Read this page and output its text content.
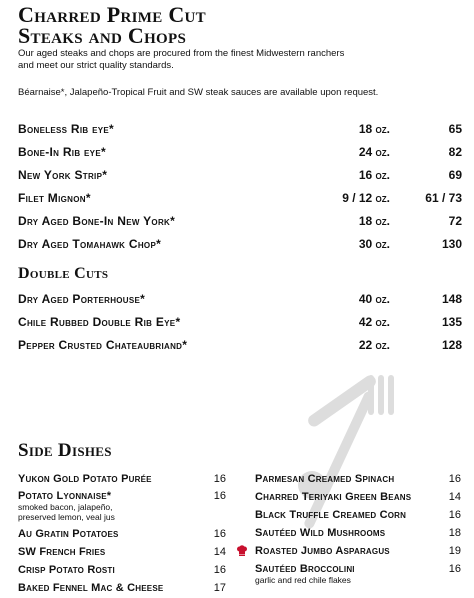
Charred Prime Cut
Steaks and Chops
Our aged steaks and chops are procured from the finest Midwestern ranchers
and meet our strict quality standards.
Béarnaise*, Jalapeño-Tropical Fruit and SW steak sauces are available upon request.
Boneless Rib eye*	18 oz.	65
Bone-In Rib eye*	24 oz.	82
New York Strip*	16 oz.	69
Filet Mignon*	9 / 12 oz.	61 / 73
Dry Aged Bone-In New York*	18 oz.	72
Dry Aged Tomahawk Chop*	30 oz.	130
Double Cuts
Dry Aged Porterhouse*	40 oz.	148
Chile Rubbed Double Rib Eye*	42 oz.	135
Pepper Crusted Chateaubriand*	22 oz.	128
Side Dishes
Yukon Gold Potato Purée	16
Potato Lyonnaise*	16
smoked bacon, jalapeño,
preserved lemon, veal jus
Au Gratin Potatoes	16
SW French Fries	14
Crisp Potato Rosti	16
Baked Fennel Mac & Cheese	17
Parmesan Creamed Spinach	16
Charred Teriyaki Green Beans	14
Black Truffle Creamed Corn	16
Sautéed Wild Mushrooms	18
Roasted Jumbo Asparagus	19
Sautéed Broccolini	16
garlic and red chile flakes
